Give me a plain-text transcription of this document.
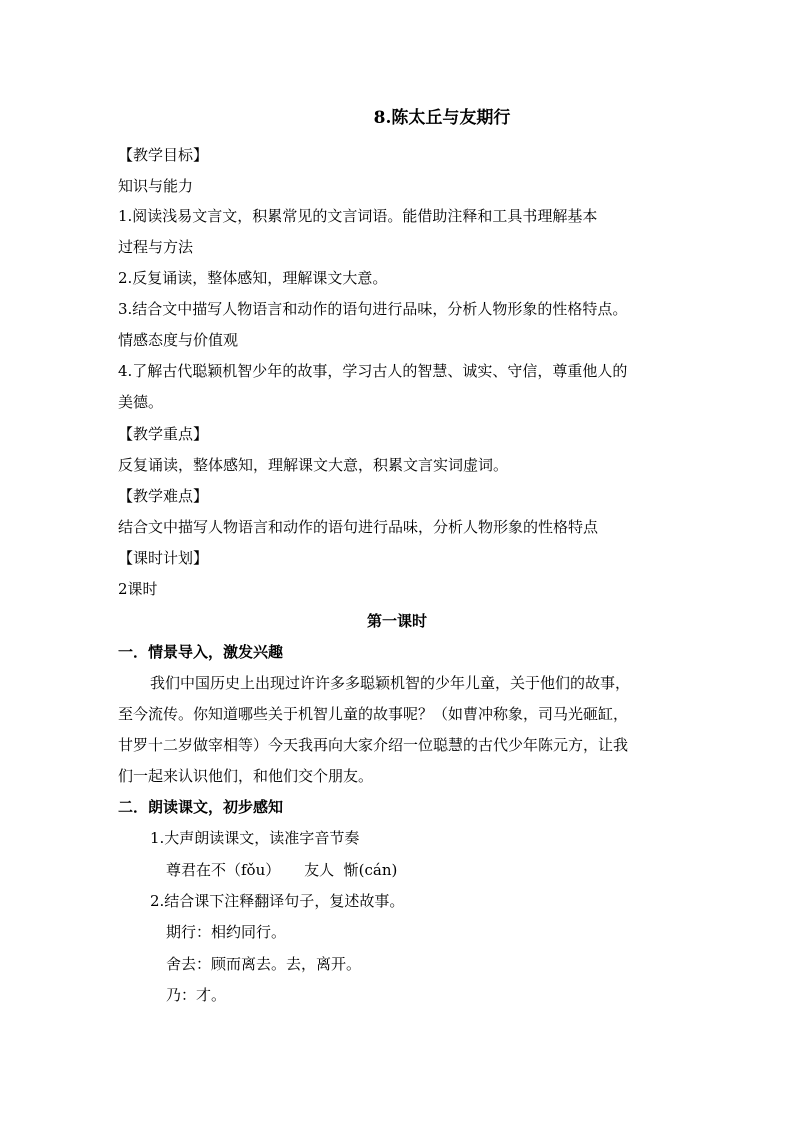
8.陈太丘与友期行
【教学目标】
知识与能力
1.阅读浅易文言文，积累常见的文言词语。能借助注释和工具书理解基本
过程与方法
2.反复诵读，整体感知，理解课文大意。
3.结合文中描写人物语言和动作的语句进行品味，分析人物形象的性格特点。
情感态度与价值观
4.了解古代聪颖机智少年的故事，学习古人的智慧、诚实、守信，尊重他人的
美德。
【教学重点】
反复诵读，整体感知，理解课文大意，积累文言实词虚词。
【教学难点】
结合文中描写人物语言和动作的语句进行品味，分析人物形象的性格特点
【课时计划】
2课时
第一课时
一．情景导入，激发兴趣
我们中国历史上出现过许许多多聪颖机智的少年儿童，关于他们的故事，
至今流传。你知道哪些关于机智儿童的故事呢？（如曹冲称象，司马光砸缸，
甘罗十二岁做宰相等）今天我再向大家介绍一位聪慧的古代少年陈元方，让我
们一起来认识他们，和他们交个朋友。
二．朗读课文，初步感知
1.大声朗读课文，读准字音节奏
尊君在不（fǒu）     友人  惭(cán)
2.结合课下注释翻译句子，复述故事。
期行：相约同行。
舍去：顾而离去。去，离开。
乃：才。
